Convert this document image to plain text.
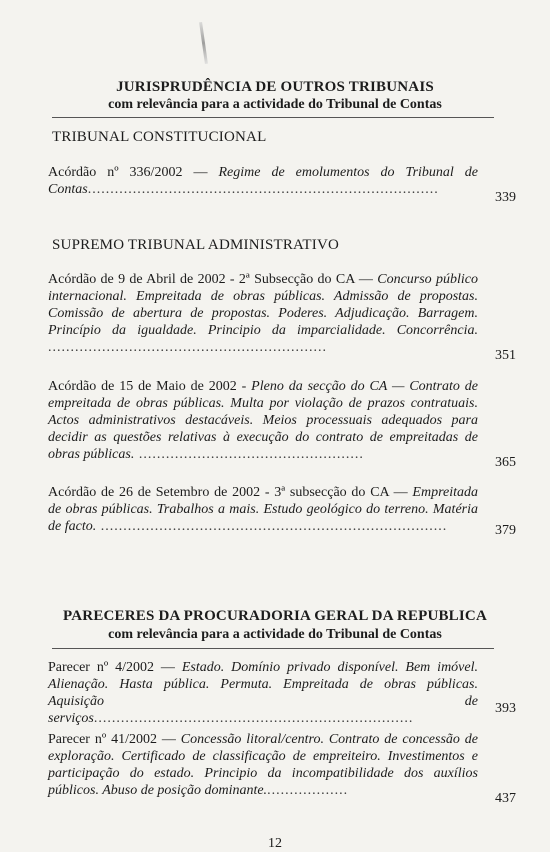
JURISPRUDÊNCIA DE OUTROS TRIBUNAIS
com relevância para a actividade do Tribunal de Contas
TRIBUNAL CONSTITUCIONAL
Acórdão nº 336/2002 — Regime de emolumentos do Tribunal de Contas..............................................................................
339
SUPREMO TRIBUNAL ADMINISTRATIVO
Acórdão de 9 de Abril de 2002 - 2ª Subsecção do CA — Concurso público internacional. Empreitada de obras públicas. Admissão de propostas. Comissão de abertura de propostas. Poderes. Adjudicação. Barragem. Princípio da igualdade. Principio da imparcialidade. Concorrência. ..............................................................
351
Acórdão de 15 de Maio de 2002 - Pleno da secção do CA — Contrato de empreitada de obras públicas. Multa por violação de prazos contratuais. Actos administrativos destacáveis. Meios processuais adequados para decidir as questões relativas à execução do contrato de empreitadas de obras públicas. ..................................................
365
Acórdão de 26 de Setembro de 2002 - 3ª subsecção do CA — Empreitada de obras públicas. Trabalhos a mais. Estudo geológico do terreno. Matéria de facto. .............................................................................	379
PARECERES DA PROCURADORIA GERAL DA REPUBLICA
com relevância para a actividade do Tribunal de Contas
Parecer nº 4/2002 — Estado. Domínio privado disponível. Bem imóvel. Alienação. Hasta pública. Permuta. Empreitada de obras públicas. Aquisição de serviços.......................................................................
393
Parecer nº 41/2002 — Concessão litoral/centro. Contrato de concessão de exploração. Certificado de classificação de empreiteiro. Investimentos e participação do estado. Principio da incompatibilidade dos auxílios públicos. Abuso de posição dominante...................
437
12
